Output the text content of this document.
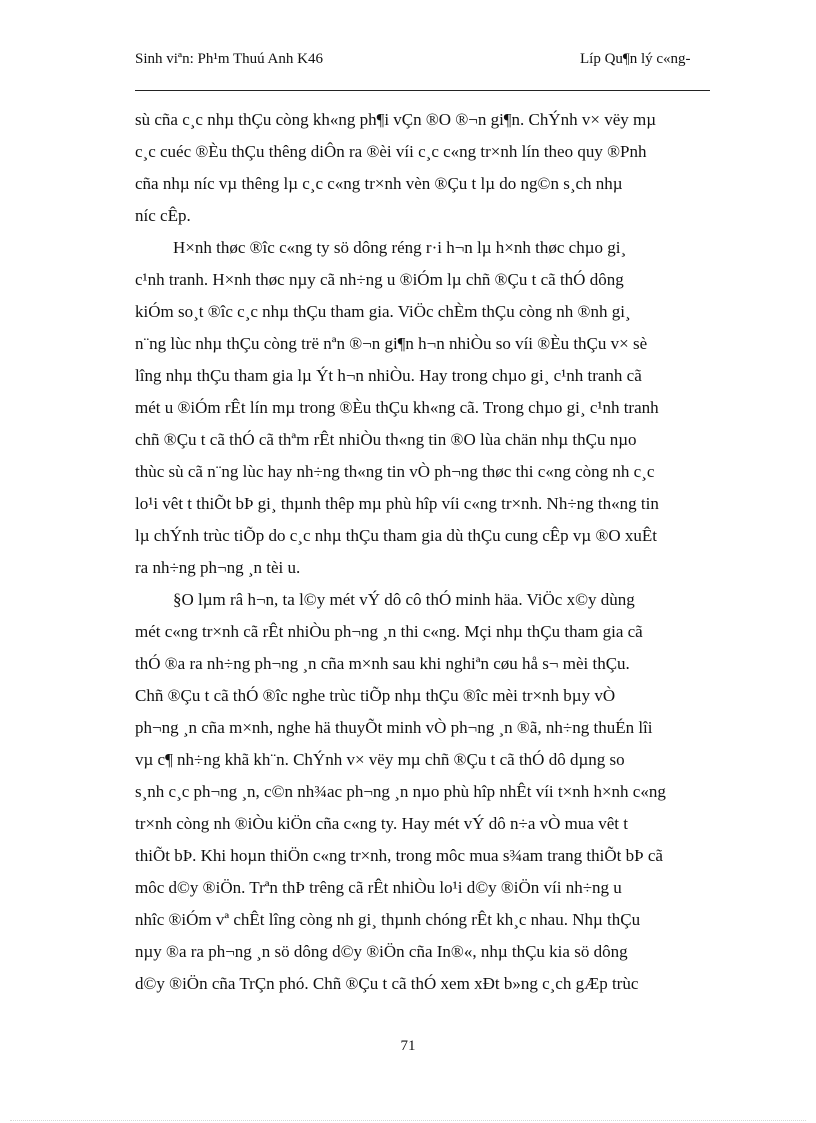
Sinh viªn: Ph¹m Thuú Anh K46	Líp Qu¶n lý c«ng-

sù cña c¸c nhµ thÇu còng kh«ng ph¶i vÇn ®O ®¬n gi¶n. ChÝnh v× vëy mµ
c¸c cuéc ®Èu thÇu thêng diÔn ra ®èi víi c¸c c«ng tr×nh lín theo quy ®Pnh
cña nhµ níc vµ thêng lµ c¸c c«ng tr×nh vèn ®Çu t lµ do ng©n s¸ch nhµ
níc cÊp.

H×nh thøc ®îc c«ng ty sö dông réng r·i h¬n lµ h×nh thøc chµo gi¸
c¹nh tranh. H×nh thøc nµy cã nh÷ng u ®iÓm lµ chñ ®Çu t cã thÓ dông
kiÓm so¸t ®îc c¸c nhµ thÇu tham gia. ViÖc chÈm thÇu còng nh ®nh gi¸
n¨ng lùc nhµ thÇu còng trë nªn ®¬n gi¶n h¬n nhiÒu so víi ®Èu thÇu v× sè
lîng nhµ thÇu tham gia lµ Ýt h¬n nhiÒu. Hay trong chµo gi¸ c¹nh tranh cã
mét u ®iÓm rÊt lín mµ trong ®Èu thÇu kh«ng cã. Trong chµo gi¸ c¹nh tranh
chñ ®Çu t cã thÓ cã thªm rÊt nhiÒu th«ng tin ®O lùa chän nhµ thÇu nµo
thùc sù cã n¨ng lùc hay nh÷ng th«ng tin vÒ ph¬ng thøc thi c«ng còng nh c¸c
lo¹i vêt t thiÕt bÞ gi¸ thµnh thêp mµ phù hîp víi c«ng tr×nh. Nh÷ng th«ng tin
lµ chÝnh trùc tiÕp do c¸c nhµ thÇu tham gia dù thÇu cung cÊp vµ ®O xuÊt
ra nh÷ng ph¬ng ¸n tèi u.

§O lµm râ h¬n, ta l©y mét vÝ dô cô thÓ minh häa. ViÖc x©y dùng
mét c«ng tr×nh cã rÊt nhiÒu ph¬ng ¸n thi c«ng. Mçi nhµ thÇu tham gia cã
thÓ ®a ra nh÷ng ph¬ng ¸n cña m×nh sau khi nghiªn cøu hå s¬ mèi thÇu.
Chñ ®Çu t cã thÓ ®îc nghe trùc tiÕp nhµ thÇu ®îc mèi tr×nh bµy vÒ
ph¬ng ¸n cña m×nh, nghe hä thuyÕt minh vÒ ph¬ng ¸n ®ã, nh÷ng thuÉn lîi
vµ c¶ nh÷ng khã kh¨n. ChÝnh v× vëy mµ chñ ®Çu t cã thÓ dô dµng so
s¸nh c¸c ph¬ng ¸n, c©n nh¾ac ph¬ng ¸n nµo phù hîp nhÊt víi t×nh h×nh c«ng
tr×nh còng nh ®iÒu kiÖn cña c«ng ty. Hay mét vÝ dô n÷a vÒ mua vêt t
thiÕt bÞ. Khi hoµn thiÖn c«ng tr×nh, trong môc mua s¾am trang thiÕt bÞ cã
môc d©y ®iÖn. Trªn thÞ trêng cã rÊt nhiÒu lo¹i d©y ®iÖn víi nh÷ng u
nhîc ®iÓm vª chÊt lîng còng nh gi¸ thµnh chóng rÊt kh¸c nhau. Nhµ thÇu
nµy ®a ra ph¬ng ¸n sö dông d©y ®iÖn cña In®«, nhµ thÇu kia sö dông
d©y ®iÖn cña TrÇn phó. Chñ ®Çu t cã thÓ xem xÐt b»ng c¸ch gÆp trùc

71
